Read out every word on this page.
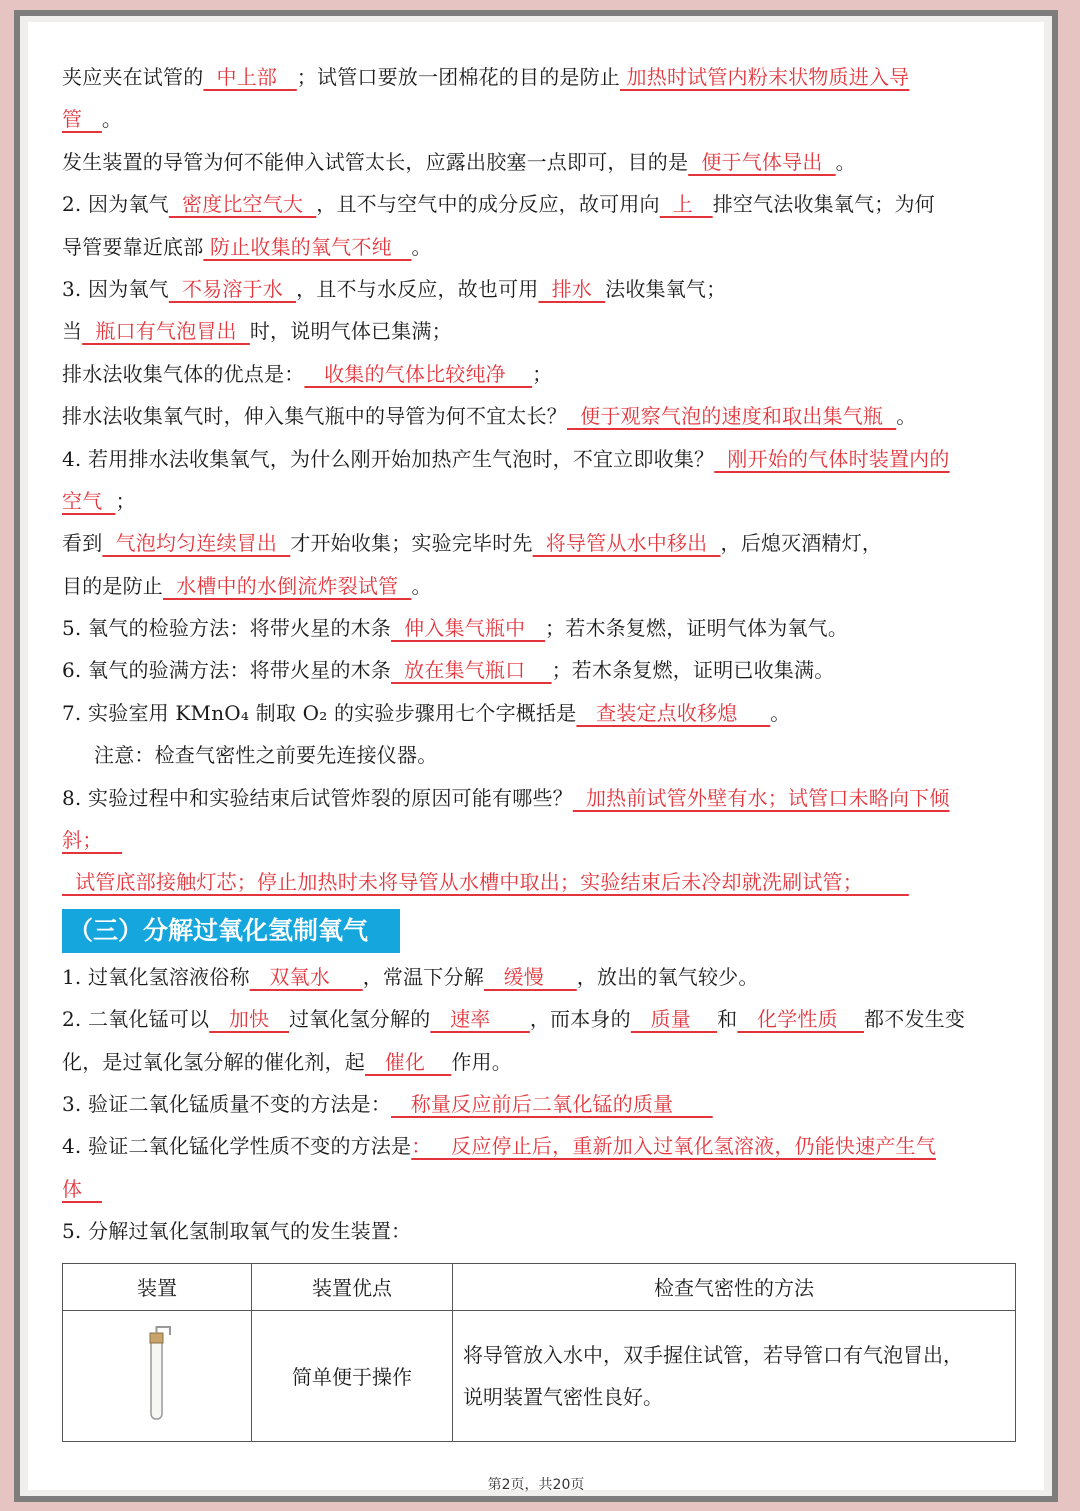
夹应夹在试管的  中上部   ；试管口要放一团棉花的目的是防止 加热时试管内粉末状物质进入导
管   。
发生装置的导管为何不能伸入试管太长，应露出胶塞一点即可，目的是  便于气体导出  。
2. 因为氧气  密度比空气大  ，且不与空气中的成分反应，故可用向  上   排空气法收集氧气；为何
导管要靠近底部 防止收集的氧气不纯   。
3. 因为氧气  不易溶于水  ，且不与水反应，故也可用  排水  法收集氧气；
当  瓶口有气泡冒出  时，说明气体已集满；
排水法收集气体的优点是：   收集的气体比较纯净    ；
排水法收集氧气时，伸入集气瓶中的导管为何不宜太长？  便于观察气泡的速度和取出集气瓶  。
4. 若用排水法收集氧气，为什么刚开始加热产生气泡时，不宜立即收集？  刚开始的气体时装置内的
空气  ；
看到  气泡均匀连续冒出  才开始收集；实验完毕时先  将导管从水中移出  ，后熄灭酒精灯，
目的是防止  水槽中的水倒流炸裂试管  。
5. 氧气的检验方法：将带火星的木条  伸入集气瓶中   ；若木条复燃，证明气体为氧气。
6. 氧气的验满方法：将带火星的木条  放在集气瓶口    ；若木条复燃，证明已收集满。
7. 实验室用 KMnO₄ 制取 O₂ 的实验步骤用七个字概括是   查装定点收移熄     。
注意：检查气密性之前要先连接仪器。
8. 实验过程中和实验结束后试管炸裂的原因可能有哪些？  加热前试管外壁有水；试管口未略向下倾
斜；
试管底部接触灯芯；停止加热时未将导管从水槽中取出；实验结束后未冷却就洗刷试管；
（三）分解过氧化氢制氧气
1. 过氧化氢溶液俗称   双氧水     ，常温下分解   缓慢     ，放出的氧气较少。
2. 二氧化锰可以   加快   过氧化氢分解的   速率      ，而本身的   质量    和   化学性质    都不发生变
化，是过氧化氢分解的催化剂，起   催化    作用。
3. 验证二氧化锰质量不变的方法是：   称量反应前后二氧化锰的质量
4. 验证二氧化锰化学性质不变的方法是：   反应停止后，重新加入过氧化氢溶液，仍能快速产生气
体
5. 分解过氧化氢制取氧气的发生装置：
装置	装置优点	检查气密性的方法
	简单便于操作	将导管放入水中，双手握住试管，若导管口有气泡冒出，
说明装置气密性良好。
第2页，共20页
